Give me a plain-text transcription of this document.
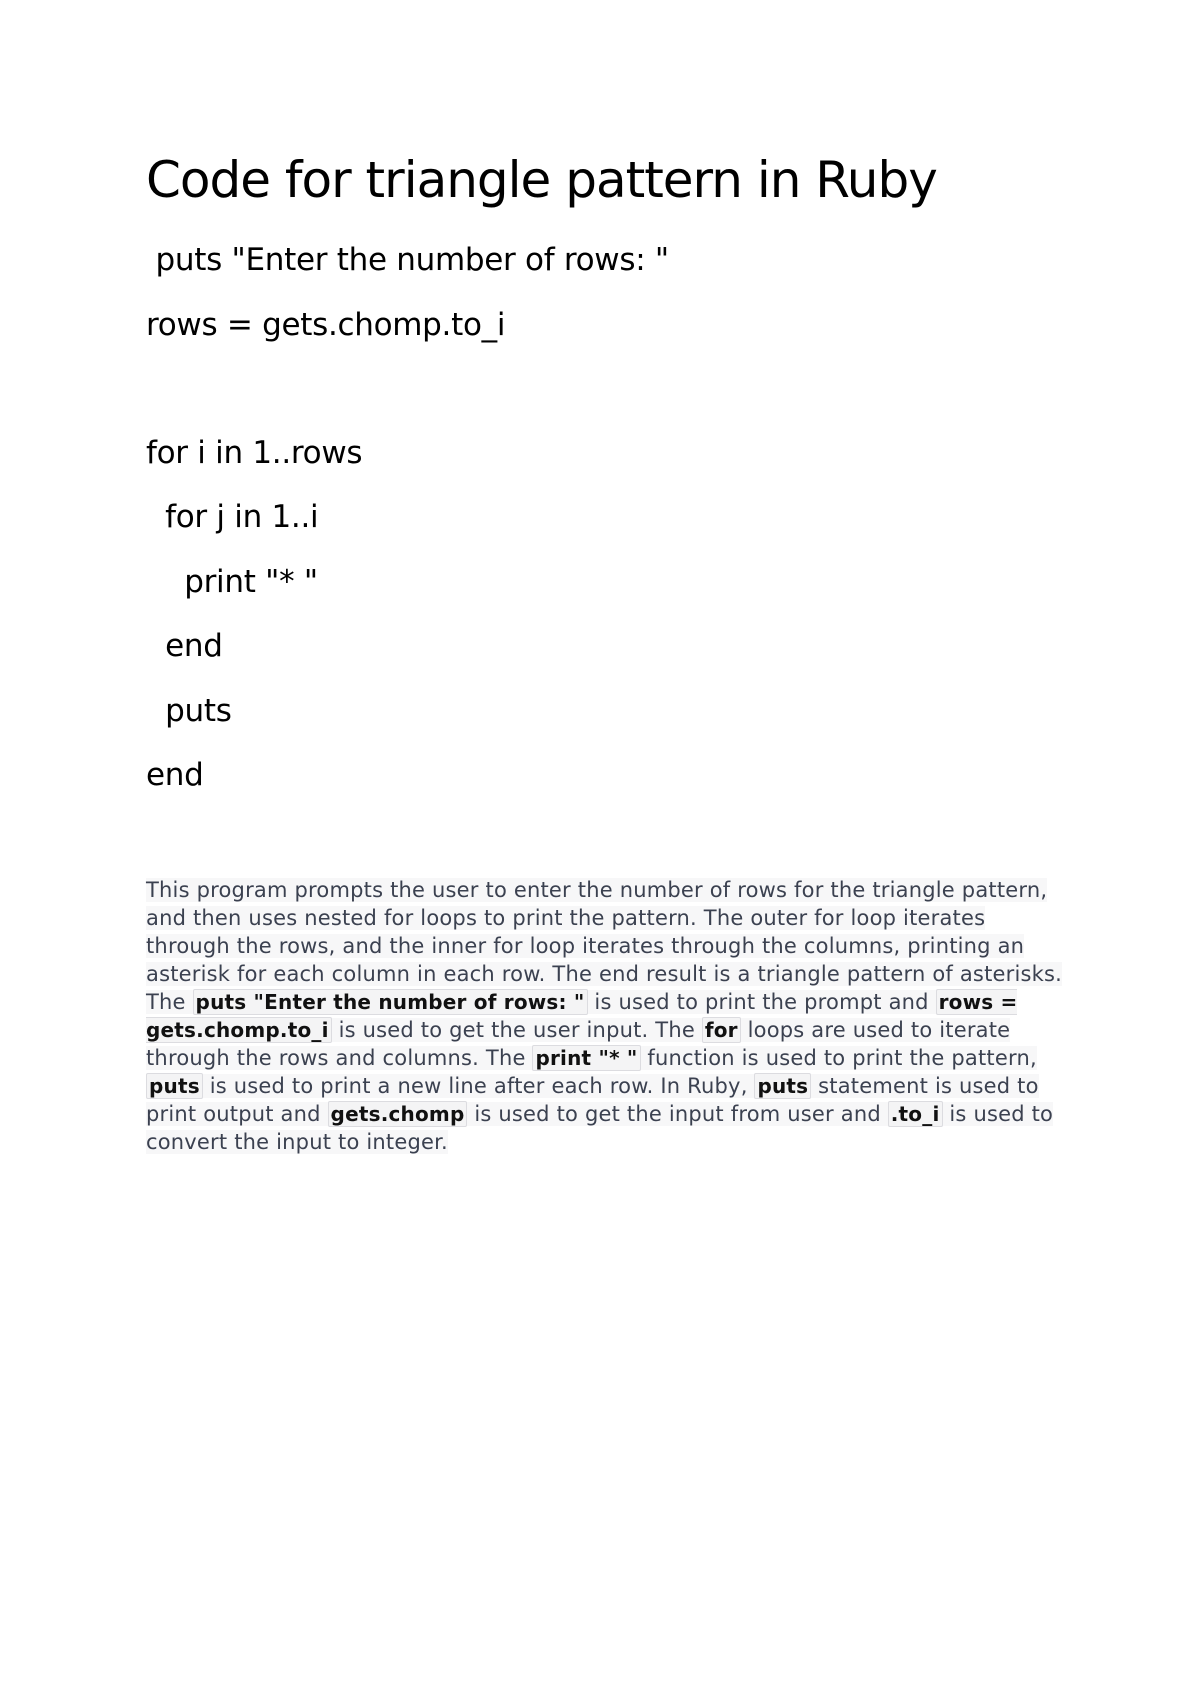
Code for triangle pattern in Ruby
puts "Enter the number of rows: "
rows = gets.chomp.to_i
for i in 1..rows
for j in 1..i
print "* "
end
puts
end
This program prompts the user to enter the number of rows for the triangle pattern, and then uses nested for loops to print the pattern. The outer for loop iterates through the rows, and the inner for loop iterates through the columns, printing an asterisk for each column in each row. The end result is a triangle pattern of asterisks. The puts "Enter the number of rows: " is used to print the prompt and rows = gets.chomp.to_i is used to get the user input. The for loops are used to iterate through the rows and columns. The print "* " function is used to print the pattern, puts is used to print a new line after each row. In Ruby, puts statement is used to print output and gets.chomp is used to get the input from user and .to_i is used to convert the input to integer.
